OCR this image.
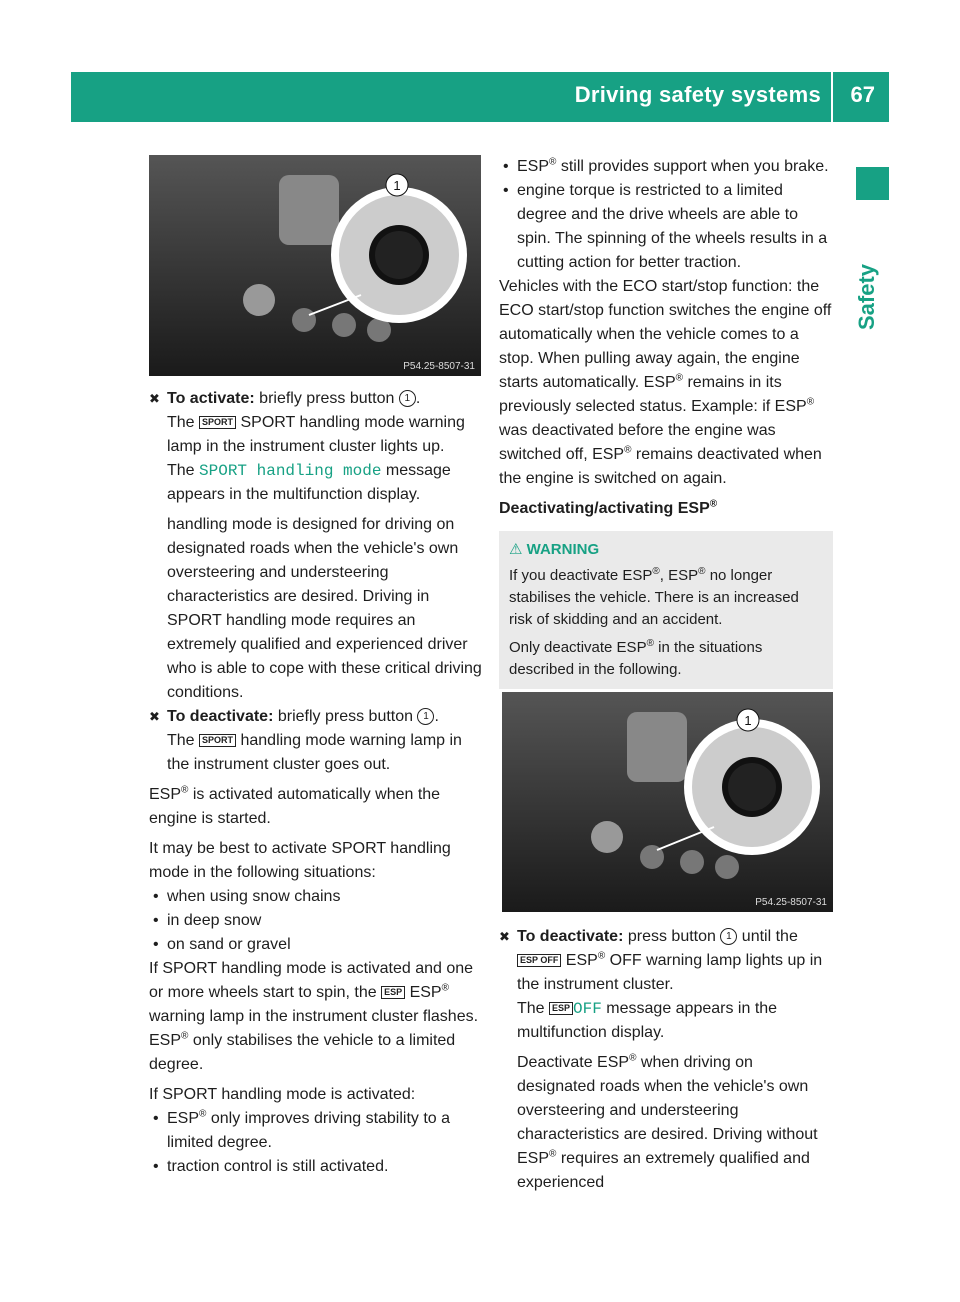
Driving safety systems 67
Safety
1
P54.25-8507-31

✖ To activate: briefly press button 1 .

The SPORT SPORT handling mode warning lamp in the instrument cluster lights up.

The SPORT handling mode message appears in the multifunction display.

handling mode is designed for driving on designated roads when the vehicle's own oversteering and understeering characteristics are desired. Driving in SPORT handling mode requires an extremely qualified and experienced driver who is able to cope with these critical driving conditions.

✖ To deactivate: briefly press button 1 .

The SPORT handling mode warning lamp in the instrument cluster goes out.

ESP® is activated automatically when the engine is started.

It may be best to activate SPORT handling mode in the following situations:

• when using snow chains

• in deep snow

• on sand or gravel

If SPORT handling mode is activated and one or more wheels start to spin, the ESP ESP® warning lamp in the instrument cluster flashes. ESP® only stabilises the vehicle to a limited degree.

If SPORT handling mode is activated:

• ESP® only improves driving stability to a limited degree.

• traction control is still activated.

• ESP® still provides support when you brake.

• engine torque is restricted to a limited degree and the drive wheels are able to spin. The spinning of the wheels results in a cutting action for better traction.

Vehicles with the ECO start/stop function: the ECO start/stop function switches the engine off automatically when the vehicle comes to a stop. When pulling away again, the engine starts automatically. ESP® remains in its previously selected status. Example: if ESP® was deactivated before the engine was switched off, ESP® remains deactivated when the engine is switched on again.

Deactivating/activating ESP®

⚠ WARNING

If you deactivate ESP®, ESP® no longer stabilises the vehicle. There is an increased risk of skidding and an accident.

Only deactivate ESP® in the situations described in the following.

1
P54.25-8507-31

✖ To deactivate: press button 1 until the

ESP OFF ESP® OFF warning lamp lights up in the instrument cluster.

The ESP OFF message appears in the multifunction display.

Deactivate ESP® when driving on designated roads when the vehicle's own oversteering and understeering characteristics are desired. Driving without ESP® requires an extremely qualified and experienced
